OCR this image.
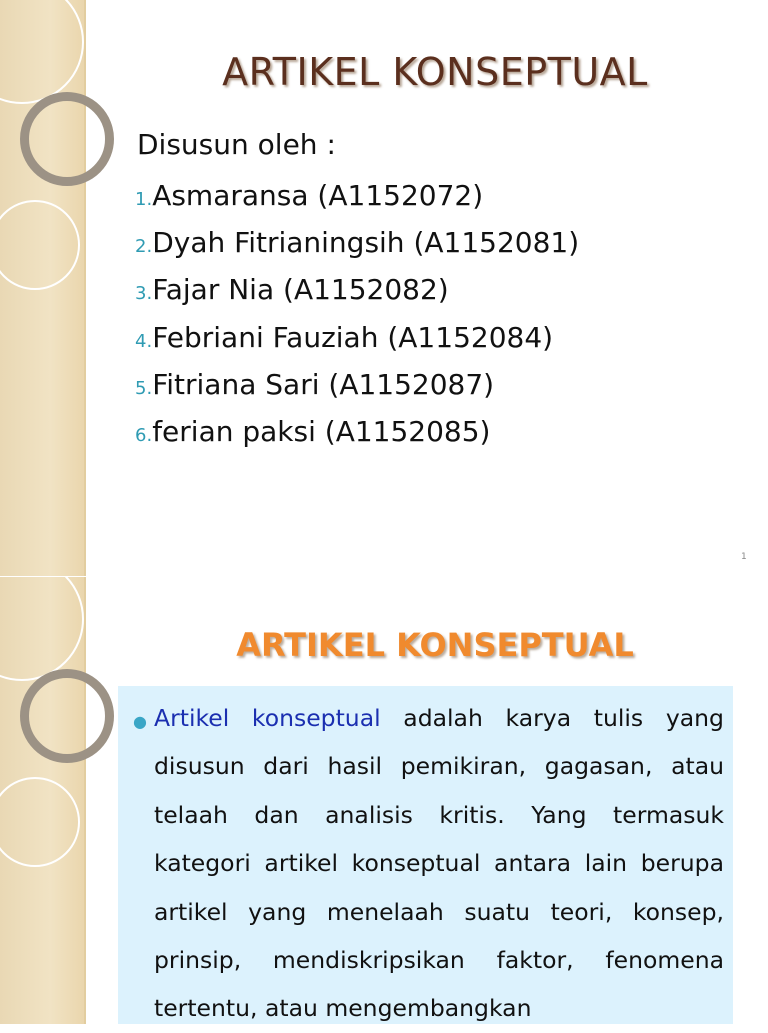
ARTIKEL KONSEPTUAL
Disusun oleh :
1.Asmaransa (A1152072)
2.Dyah Fitrianingsih (A1152081)
3.Fajar Nia (A1152082)
4.Febriani Fauziah (A1152084)
5.Fitriana Sari (A1152087)
6.ferian paksi (A1152085)
1
ARTIKEL KONSEPTUAL
● Artikel konseptual adalah karya tulis yang disusun dari hasil pemikiran, gagasan, atau telaah dan analisis kritis. Yang termasuk kategori artikel konseptual antara lain berupa artikel yang menelaah suatu teori, konsep, prinsip, mendiskripsikan faktor, fenomena tertentu, atau mengembangkan
